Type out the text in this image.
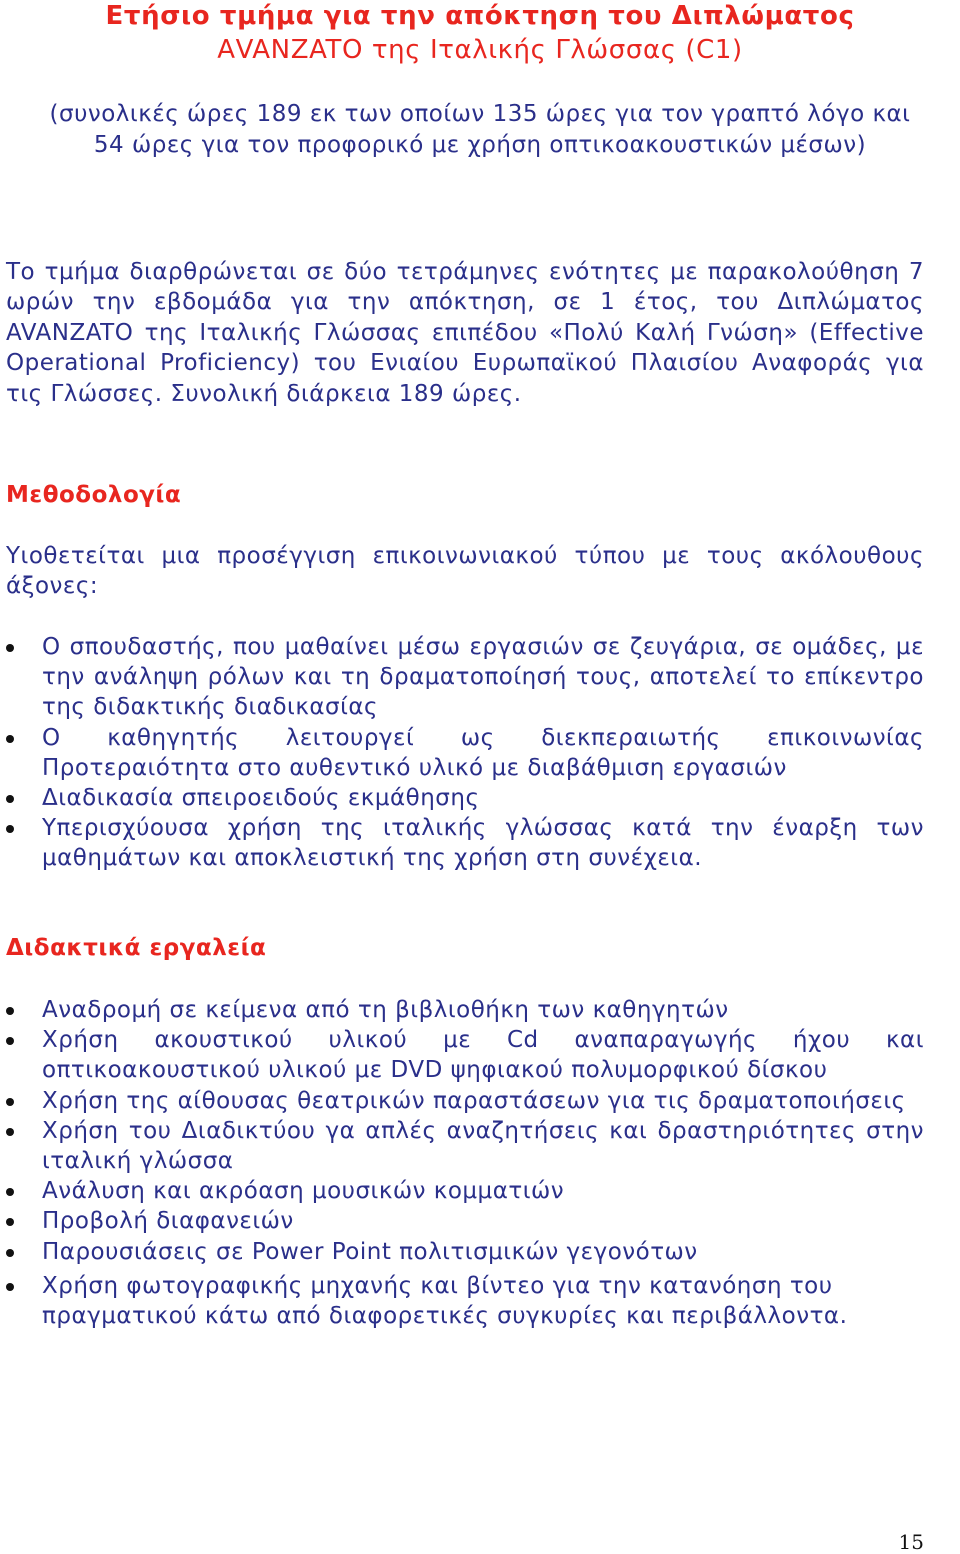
Ετήσιο τμήμα για την απόκτηση του Διπλώματος
ΑVANZATO της Ιταλικής Γλώσσας (C1)
(συνολικές ώρες 189 εκ των οποίων 135 ώρες για τον γραπτό λόγο και 54 ώρες για τον προφορικό με χρήση οπτικοακουστικών μέσων)

Το τμήμα διαρθρώνεται σε δύο τετράμηνες ενότητες με παρακολούθηση 7 ωρών την εβδομάδα για την απόκτηση, σε 1 έτος, του Διπλώματος AVANZATO της Ιταλικής Γλώσσας επιπέδου «Πολύ Καλή Γνώση» (Effective Operational Proficiency) του Ενιαίου Ευρωπαϊκού Πλαισίου Αναφοράς για τις Γλώσσες. Συνολική διάρκεια 189 ώρες.

Μεθοδολογία

Υιοθετείται μια προσέγγιση επικοινωνιακού τύπου με τους ακόλουθους άξονες:

Ο σπουδαστής, που μαθαίνει μέσω εργασιών σε ζευγάρια, σε ομάδες, με την ανάληψη ρόλων και τη δραματοποίησή τους, αποτελεί το επίκεντρο της διδακτικής διαδικασίας
Ο καθηγητής λειτουργεί ως διεκπεραιωτής επικοινωνίας Προτεραιότητα στο αυθεντικό υλικό με διαβάθμιση εργασιών
Διαδικασία σπειροειδούς εκμάθησης
Υπερισχύουσα χρήση της ιταλικής γλώσσας κατά την έναρξη των μαθημάτων και αποκλειστική της χρήση στη συνέχεια.
Διδακτικά εργαλεία
Αναδρομή σε κείμενα από τη βιβλιοθήκη των καθηγητών
Χρήση ακουστικού υλικού με Cd αναπαραγωγής ήχου και οπτικοακουστικού υλικού με DVD ψηφιακού πολυμορφικού δίσκου
Χρήση της αίθουσας θεατρικών παραστάσεων για τις δραματοποιήσεις
Χρήση του Διαδικτύου γα απλές αναζητήσεις και δραστηριότητες στην ιταλική γλώσσα
Ανάλυση και ακρόαση μουσικών κομματιών
Προβολή διαφανειών
Παρουσιάσεις σε Power Point πολιτισμικών γεγονότων
Χρήση φωτογραφικής μηχανής και βίντεο για την κατανόηση του πραγματικού κάτω από διαφορετικές συγκυρίες και περιβάλλοντα.
15
